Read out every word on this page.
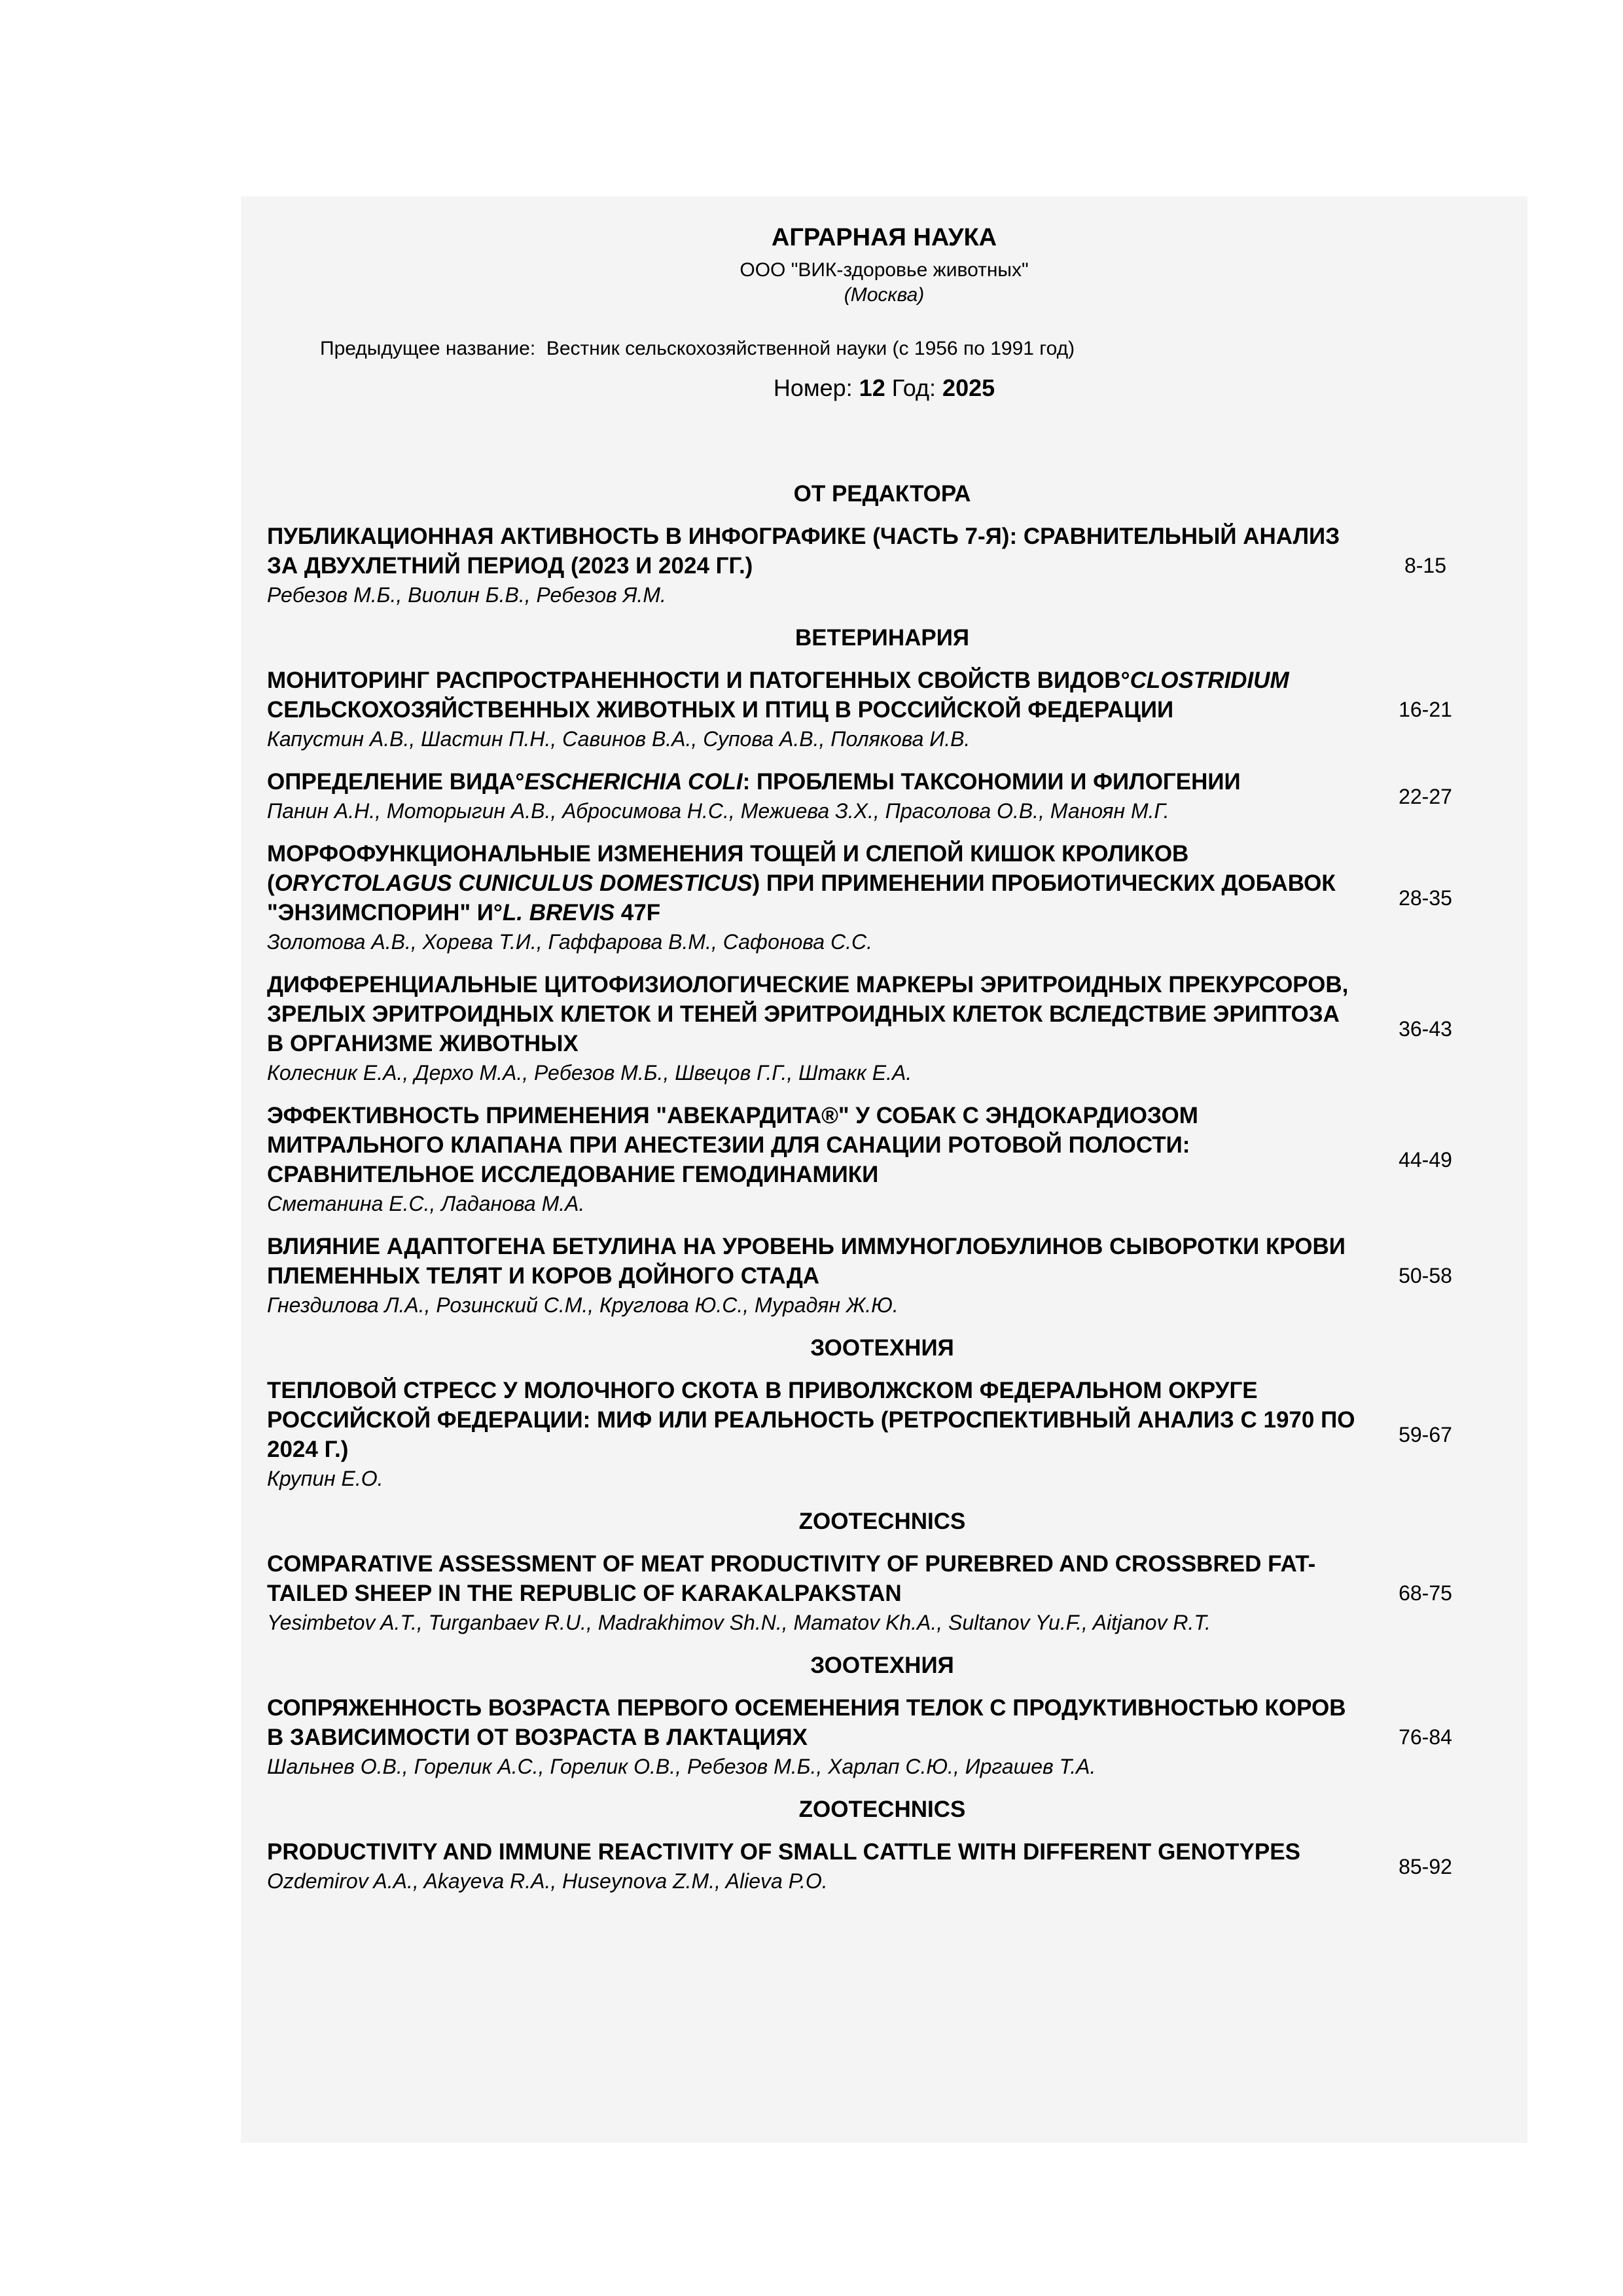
АГРАРНАЯ НАУКА
ООО "ВИК-здоровье животных"
(Москва)
Предыдущее название:  Вестник сельскохозяйственной науки (с 1956 по 1991 год)
Номер: 12 Год: 2025
ОТ РЕДАКТОРА
ПУБЛИКАЦИОННАЯ АКТИВНОСТЬ В ИНФОГРАФИКЕ (ЧАСТЬ 7-Я): СРАВНИТЕЛЬНЫЙ АНАЛИЗ ЗА ДВУХЛЕТНИЙ ПЕРИОД (2023 И 2024 ГГ.)
Ребезов М.Б., Виолин Б.В., Ребезов Я.М.
8-15
ВЕТЕРИНАРИЯ
МОНИТОРИНГ РАСПРОСТРАНЕННОСТИ И ПАТОГЕННЫХ СВОЙСТВ ВИДОВ°CLOSTRIDIUM     СЕЛЬСКОХОЗЯЙСТВЕННЫХ ЖИВОТНЫХ И ПТИЦ В РОССИЙСКОЙ ФЕДЕРАЦИИ
Капустин А.В., Шастин П.Н., Савинов В.А., Супова А.В., Полякова И.В.
16-21
ОПРЕДЕЛЕНИЕ ВИДА°ESCHERICHIA COLI: ПРОБЛЕМЫ ТАКСОНОМИИ И ФИЛОГЕНИИ
Панин А.Н., Моторыгин А.В., Абросимова Н.С., Межиева З.Х., Прасолова О.В., Маноян М.Г.
22-27
МОРФОФУНКЦИОНАЛЬНЫЕ ИЗМЕНЕНИЯ ТОЩЕЙ И СЛЕПОЙ КИШОК КРОЛИКОВ (ORYCTOLAGUS CUNICULUS DOMESTICUS) ПРИ ПРИМЕНЕНИИ ПРОБИОТИЧЕСКИХ ДОБАВОК "ЭНЗИМСПОРИН" И°L. BREVIS 47F
Золотова А.В., Хорева Т.И., Гаффарова В.М., Сафонова С.С.
28-35
ДИФФЕРЕНЦИАЛЬНЫЕ ЦИТОФИЗИОЛОГИЧЕСКИЕ МАРКЕРЫ ЭРИТРОИДНЫХ ПРЕКУРСОРОВ, ЗРЕЛЫХ ЭРИТРОИДНЫХ КЛЕТОК И ТЕНЕЙ ЭРИТРОИДНЫХ КЛЕТОК ВСЛЕДСТВИЕ ЭРИПТОЗА В ОРГАНИЗМЕ ЖИВОТНЫХ
Колесник Е.А., Дерхо М.А., Ребезов М.Б., Швецов Г.Г., Штакк Е.А.
36-43
ЭФФЕКТИВНОСТЬ ПРИМЕНЕНИЯ "АВЕКАРДИТА®" У СОБАК С ЭНДОКАРДИОЗОМ МИТРАЛЬНОГО КЛАПАНА ПРИ АНЕСТЕЗИИ ДЛЯ САНАЦИИ РОТОВОЙ ПОЛОСТИ: СРАВНИТЕЛЬНОЕ ИССЛЕДОВАНИЕ ГЕМОДИНАМИКИ
Сметанина Е.С., Ладанова М.А.
44-49
ВЛИЯНИЕ АДАПТОГЕНА БЕТУЛИНА НА УРОВЕНЬ ИММУНОГЛОБУЛИНОВ СЫВОРОТКИ КРОВИ ПЛЕМЕННЫХ ТЕЛЯТ И КОРОВ ДОЙНОГО СТАДА
Гнездилова Л.А., Розинский С.М., Круглова Ю.С., Мурадян Ж.Ю.
50-58
ЗООТЕХНИЯ
ТЕПЛОВОЙ СТРЕСС У МОЛОЧНОГО СКОТА В ПРИВОЛЖСКОМ ФЕДЕРАЛЬНОМ ОКРУГЕ РОССИЙСКОЙ ФЕДЕРАЦИИ: МИФ ИЛИ РЕАЛЬНОСТЬ (РЕТРОСПЕКТИВНЫЙ АНАЛИЗ С 1970 ПО 2024 Г.)
Крупин Е.О.
59-67
ZOOTECHNICS
COMPARATIVE ASSESSMENT OF MEAT PRODUCTIVITY OF PUREBRED AND CROSSBRED FAT-TAILED SHEEP IN THE REPUBLIC OF KARAKALPAKSTAN
Yesimbetov A.T., Turganbaev R.U., Madrakhimov Sh.N., Mamatov Kh.A., Sultanov Yu.F., Aitjanov R.T.
68-75
ЗООТЕХНИЯ
СОПРЯЖЕННОСТЬ ВОЗРАСТА ПЕРВОГО ОСЕМЕНЕНИЯ ТЕЛОК С ПРОДУКТИВНОСТЬЮ КОРОВ В ЗАВИСИМОСТИ ОТ ВОЗРАСТА В ЛАКТАЦИЯХ
Шальнев О.В., Горелик А.С., Горелик О.В., Ребезов М.Б., Харлап С.Ю., Иргашев Т.А.
76-84
ZOOTECHNICS
PRODUCTIVITY AND IMMUNE REACTIVITY OF SMALL CATTLE WITH DIFFERENT GENOTYPES
Ozdemirov A.A., Akayeva R.A., Huseynova Z.M., Alieva P.O.
85-92
